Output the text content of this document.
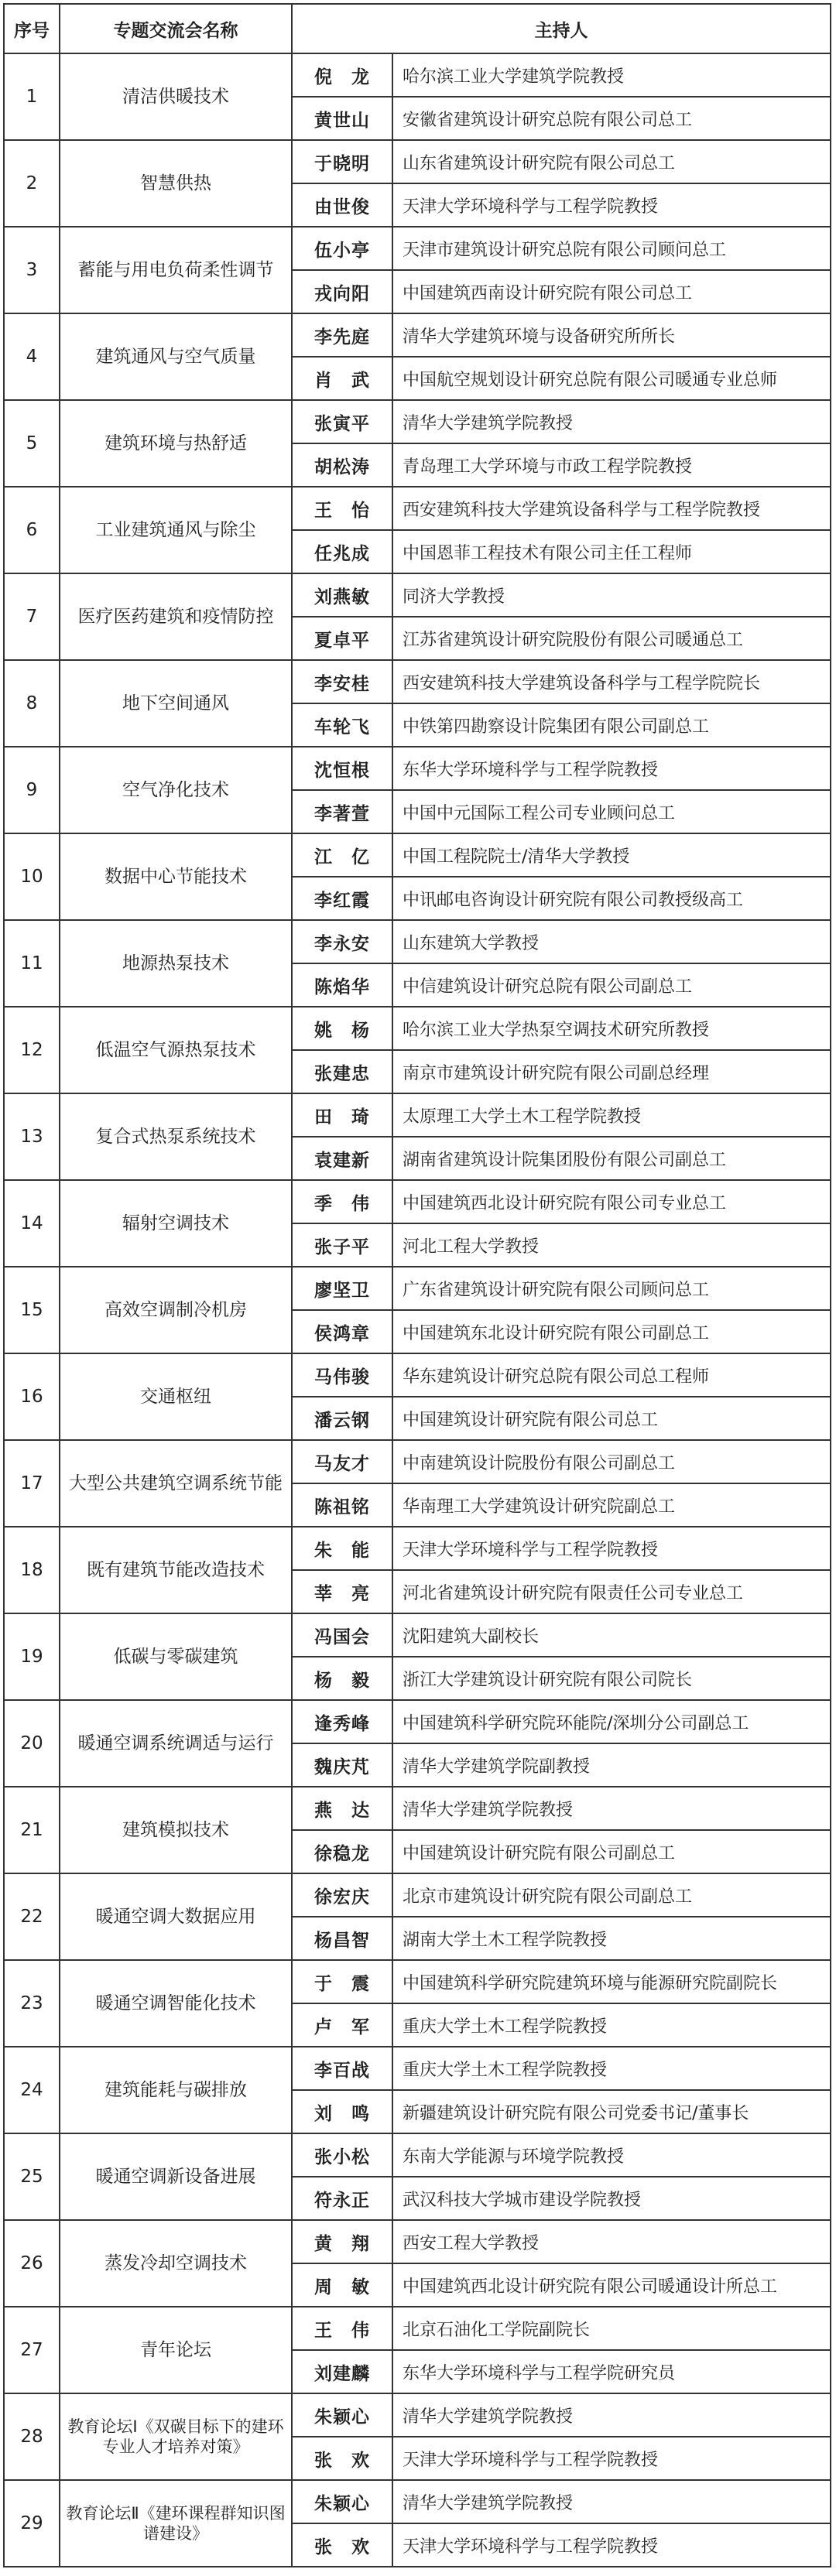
序号	专题交流会名称	主持人	
1	清洁供暖技术	倪　龙	哈尔滨工业大学建筑学院教授
		黄世山	安徽省建筑设计研究总院有限公司总工
2	智慧供热	于晓明	山东省建筑设计研究院有限公司总工
		由世俊	天津大学环境科学与工程学院教授
3	蓄能与用电负荷柔性调节	伍小亭	天津市建筑设计研究总院有限公司顾问总工
		戎向阳	中国建筑西南设计研究院有限公司总工
4	建筑通风与空气质量	李先庭	清华大学建筑环境与设备研究所所长
		肖　武	中国航空规划设计研究总院有限公司暖通专业总师
5	建筑环境与热舒适	张寅平	清华大学建筑学院教授
		胡松涛	青岛理工大学环境与市政工程学院教授
6	工业建筑通风与除尘	王　怡	西安建筑科技大学建筑设备科学与工程学院教授
		任兆成	中国恩菲工程技术有限公司主任工程师
7	医疗医药建筑和疫情防控	刘燕敏	同济大学教授
		夏卓平	江苏省建筑设计研究院股份有限公司暖通总工
8	地下空间通风	李安桂	西安建筑科技大学建筑设备科学与工程学院院长
		车轮飞	中铁第四勘察设计院集团有限公司副总工
9	空气净化技术	沈恒根	东华大学环境科学与工程学院教授
		李著萱	中国中元国际工程公司专业顾问总工
10	数据中心节能技术	江　亿	中国工程院院士/清华大学教授
		李红霞	中讯邮电咨询设计研究院有限公司教授级高工
11	地源热泵技术	李永安	山东建筑大学教授
		陈焰华	中信建筑设计研究总院有限公司副总工
12	低温空气源热泵技术	姚　杨	哈尔滨工业大学热泵空调技术研究所教授
		张建忠	南京市建筑设计研究院有限公司副总经理
13	复合式热泵系统技术	田　琦	太原理工大学土木工程学院教授
		袁建新	湖南省建筑设计院集团股份有限公司副总工
14	辐射空调技术	季　伟	中国建筑西北设计研究院有限公司专业总工
		张子平	河北工程大学教授
15	高效空调制冷机房	廖坚卫	广东省建筑设计研究院有限公司顾问总工
		侯鸿章	中国建筑东北设计研究院有限公司副总工
16	交通枢纽	马伟骏	华东建筑设计研究总院有限公司总工程师
		潘云钢	中国建筑设计研究院有限公司总工
17	大型公共建筑空调系统节能	马友才	中南建筑设计院股份有限公司副总工
		陈祖铭	华南理工大学建筑设计研究院副总工
18	既有建筑节能改造技术	朱　能	天津大学环境科学与工程学院教授
		莘　亮	河北省建筑设计研究院有限责任公司专业总工
19	低碳与零碳建筑	冯国会	沈阳建筑大副校长
		杨　毅	浙江大学建筑设计研究院有限公司院长
20	暖通空调系统调适与运行	逢秀峰	中国建筑科学研究院环能院/深圳分公司副总工
		魏庆芃	清华大学建筑学院副教授
21	建筑模拟技术	燕　达	清华大学建筑学院教授
		徐稳龙	中国建筑设计研究院有限公司副总工
22	暖通空调大数据应用	徐宏庆	北京市建筑设计研究院有限公司副总工
		杨昌智	湖南大学土木工程学院教授
23	暖通空调智能化技术	于　震	中国建筑科学研究院建筑环境与能源研究院副院长
		卢　军	重庆大学土木工程学院教授
24	建筑能耗与碳排放	李百战	重庆大学土木工程学院教授
		刘　鸣	新疆建筑设计研究院有限公司党委书记/董事长
25	暖通空调新设备进展	张小松	东南大学能源与环境学院教授
		符永正	武汉科技大学城市建设学院教授
26	蒸发冷却空调技术	黄　翔	西安工程大学教授
		周　敏	中国建筑西北设计研究院有限公司暖通设计所总工
27	青年论坛	王　伟	北京石油化工学院副院长
		刘建麟	东华大学环境科学与工程学院研究员
28	教育论坛Ⅰ《双碳目标下的建环专业人才培养对策》	朱颖心	清华大学建筑学院教授
		张　欢	天津大学环境科学与工程学院教授
29	教育论坛Ⅱ《建环课程群知识图谱建设》	朱颖心	清华大学建筑学院教授
		张　欢	天津大学环境科学与工程学院教授
